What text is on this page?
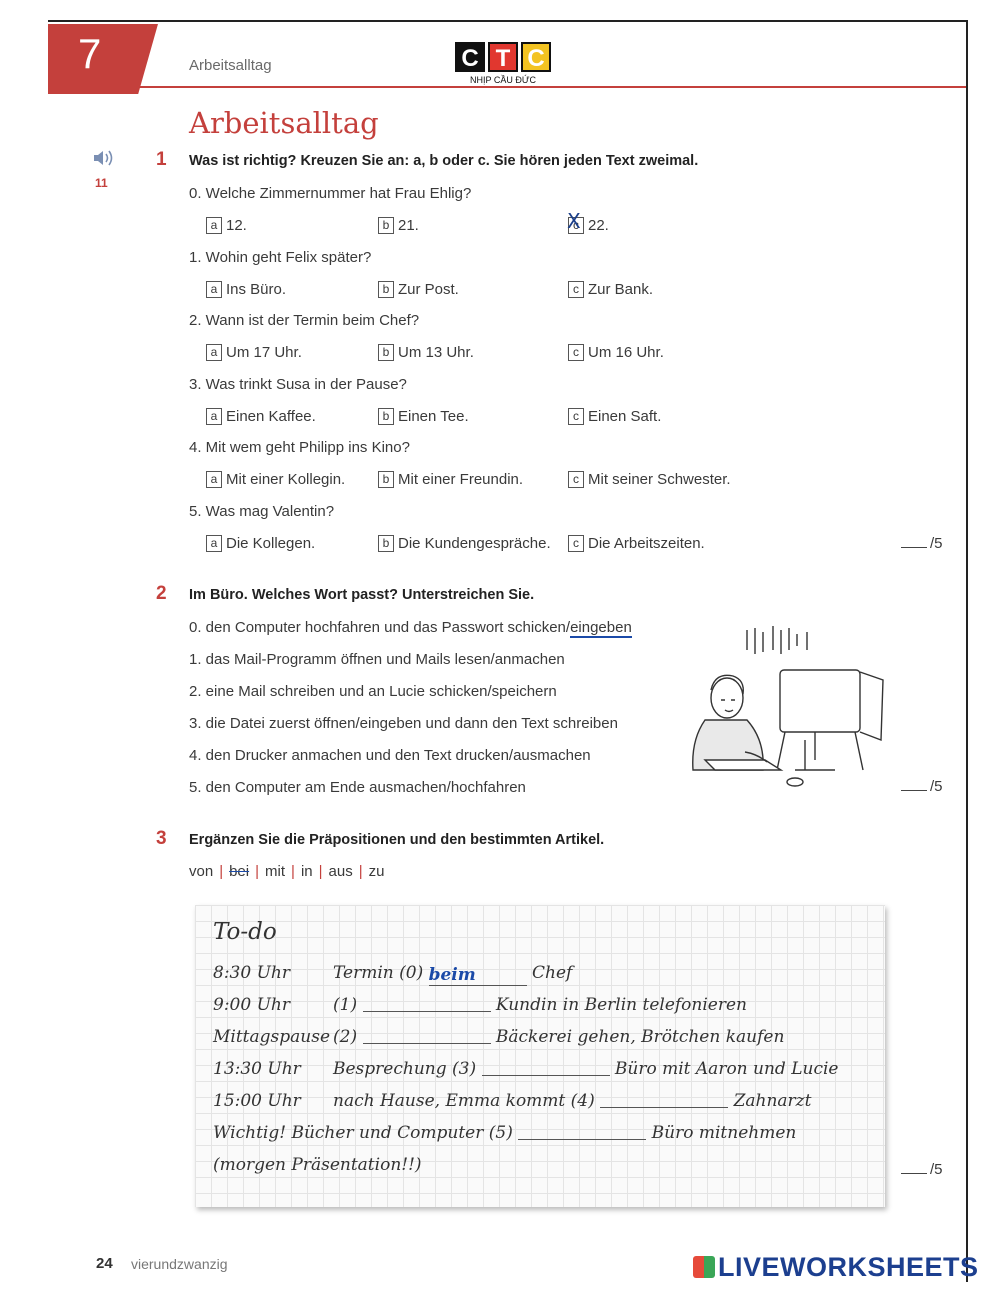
7	Arbeitsalltag	C T C
NHỊP CẦU ĐỨC
Arbeitsalltag
11
1 Was ist richtig? Kreuzen Sie an: a, b oder c. Sie hören jeden Text zweimal.
0. Welche Zimmernummer hat Frau Ehlig?
a 12.	b 21.	c X 22.
1. Wohin geht Felix später?
a Ins Büro.	b Zur Post.	c Zur Bank.
2. Wann ist der Termin beim Chef?
a Um 17 Uhr.	b Um 13 Uhr.	c Um 16 Uhr.
3. Was trinkt Susa in der Pause?
a Einen Kaffee.	b Einen Tee.	c Einen Saft.
4. Mit wem geht Philipp ins Kino?
a Mit einer Kollegin.	b Mit einer Freundin.	c Mit seiner Schwester.
5. Was mag Valentin?
a Die Kollegen.	b Die Kundengespräche.	c Die Arbeitszeiten.	/5
2 Im Büro. Welches Wort passt? Unterstreichen Sie.
0. den Computer hochfahren und das Passwort schicken/eingeben
1. das Mail-Programm öffnen und Mails lesen/anmachen
2. eine Mail schreiben und an Lucie schicken/speichern
3. die Datei zuerst öffnen/eingeben und dann den Text schreiben
4. den Drucker anmachen und den Text drucken/ausmachen
5. den Computer am Ende ausmachen/hochfahren	/5
3 Ergänzen Sie die Präpositionen und den bestimmten Artikel.
von | bei | mit | in | aus | zu
To-do
8:30 Uhr	Termin (0) beim	Chef
9:00 Uhr	(1)	Kundin in Berlin telefonieren
Mittagspause (2)	Bäckerei gehen, Brötchen kaufen
13:30 Uhr Besprechung (3)	Büro mit Aaron und Lucie
15:00 Uhr nach Hause, Emma kommt (4)	Zahnarzt
Wichtig! Bücher und Computer (5)	Büro mitnehmen
(morgen Präsentation!!)	/5
24 vierundzwanzig	LIVEWORKSHEETS
